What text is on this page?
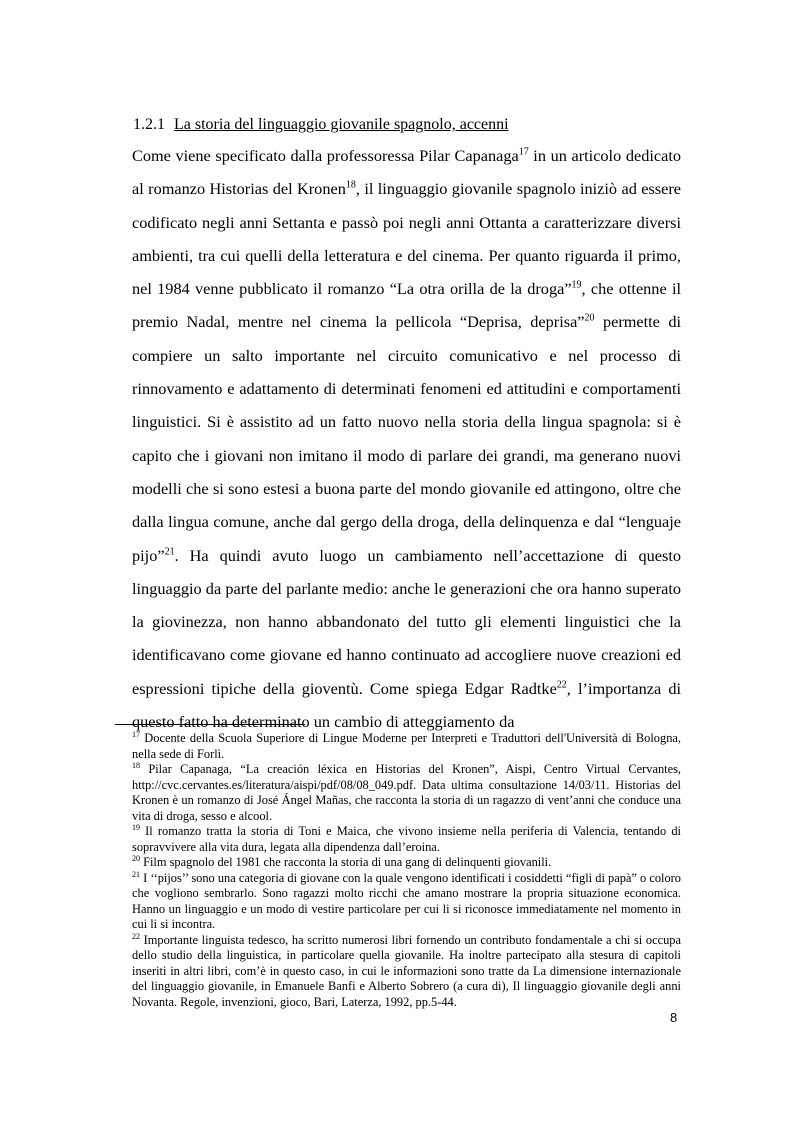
1.2.1 La storia del linguaggio giovanile spagnolo, accenni

Come viene specificato dalla professoressa Pilar Capanaga$^{17}$ in un articolo dedicato al romanzo Historias del Kronen$^{18}$, il linguaggio giovanile spagnolo iniziò ad essere codificato negli anni Settanta e passò poi negli anni Ottanta a caratterizzare diversi ambienti, tra cui quelli della letteratura e del cinema. Per quanto riguarda il primo, nel 1984 venne pubblicato il romanzo “La otra orilla de la droga”$^{19}$, che ottenne il premio Nadal, mentre nel cinema la pellicola “Deprisa, deprisa”$^{20}$ permette di compiere un salto importante nel circuito comunicativo e nel processo di rinnovamento e adattamento di determinati fenomeni ed attitudini e comportamenti linguistici. Si è assistito ad un fatto nuovo nella storia della lingua spagnola: si è capito che i giovani non imitano il modo di parlare dei grandi, ma generano nuovi modelli che si sono estesi a buona parte del mondo giovanile ed attingono, oltre che dalla lingua comune, anche dal gergo della droga, della delinquenza e dal “lenguaje pijo”$^{21}$. Ha quindi avuto luogo un cambiamento nell’accettazione di questo linguaggio da parte del parlante medio: anche le generazioni che ora hanno superato la giovinezza, non hanno abbandonato del tutto gli elementi linguistici che la identificavano come giovane ed hanno continuato ad accogliere nuove creazioni ed espressioni tipiche della gioventù. Come spiega Edgar Radtke$^{22}$, l’importanza di questo fatto ha determinato un cambio di atteggiamento da

$^{17}$ Docente della Scuola Superiore di Lingue Moderne per Interpreti e Traduttori dell'Università di Bologna, nella sede di Forlì.

$^{18}$ Pilar Capanaga, “La creación léxica en Historias del Kronen”, Aispi, Centro Virtual Cervantes, http://cvc.cervantes.es/literatura/aispi/pdf/08/08_049.pdf. Data ultima consultazione 14/03/11. Historias del Kronen è un romanzo di José Ángel Mañas, che racconta la storia di un ragazzo di vent’anni che conduce una vita di droga, sesso e alcool.

$^{19}$ Il romanzo tratta la storia di Toni e Maica, che vivono insieme nella periferia di Valencia, tentando di sopravvivere alla vita dura, legata alla dipendenza dall’eroina.

$^{20}$ Film spagnolo del 1981 che racconta la storia di una gang di delinquenti giovanili.

$^{21}$ I ‘‘pijos’’ sono una categoria di giovane con la quale vengono identificati i cosiddetti “figli di papà” o coloro che vogliono sembrarlo. Sono ragazzi molto ricchi che amano mostrare la propria situazione economica. Hanno un linguaggio e un modo di vestire particolare per cui li si riconosce immediatamente nel momento in cui li si incontra.

$^{22}$ Importante linguista tedesco, ha scritto numerosi libri fornendo un contributo fondamentale a chi si occupa dello studio della linguistica, in particolare quella giovanile. Ha inoltre partecipato alla stesura di capitoli inseriti in altri libri, com’è in questo caso, in cui le informazioni sono tratte da La dimensione internazionale del linguaggio giovanile, in Emanuele Banfi e Alberto Sobrero (a cura di), Il linguaggio giovanile degli anni Novanta. Regole, invenzioni, gioco, Bari, Laterza, 1992, pp.5-44.

8
